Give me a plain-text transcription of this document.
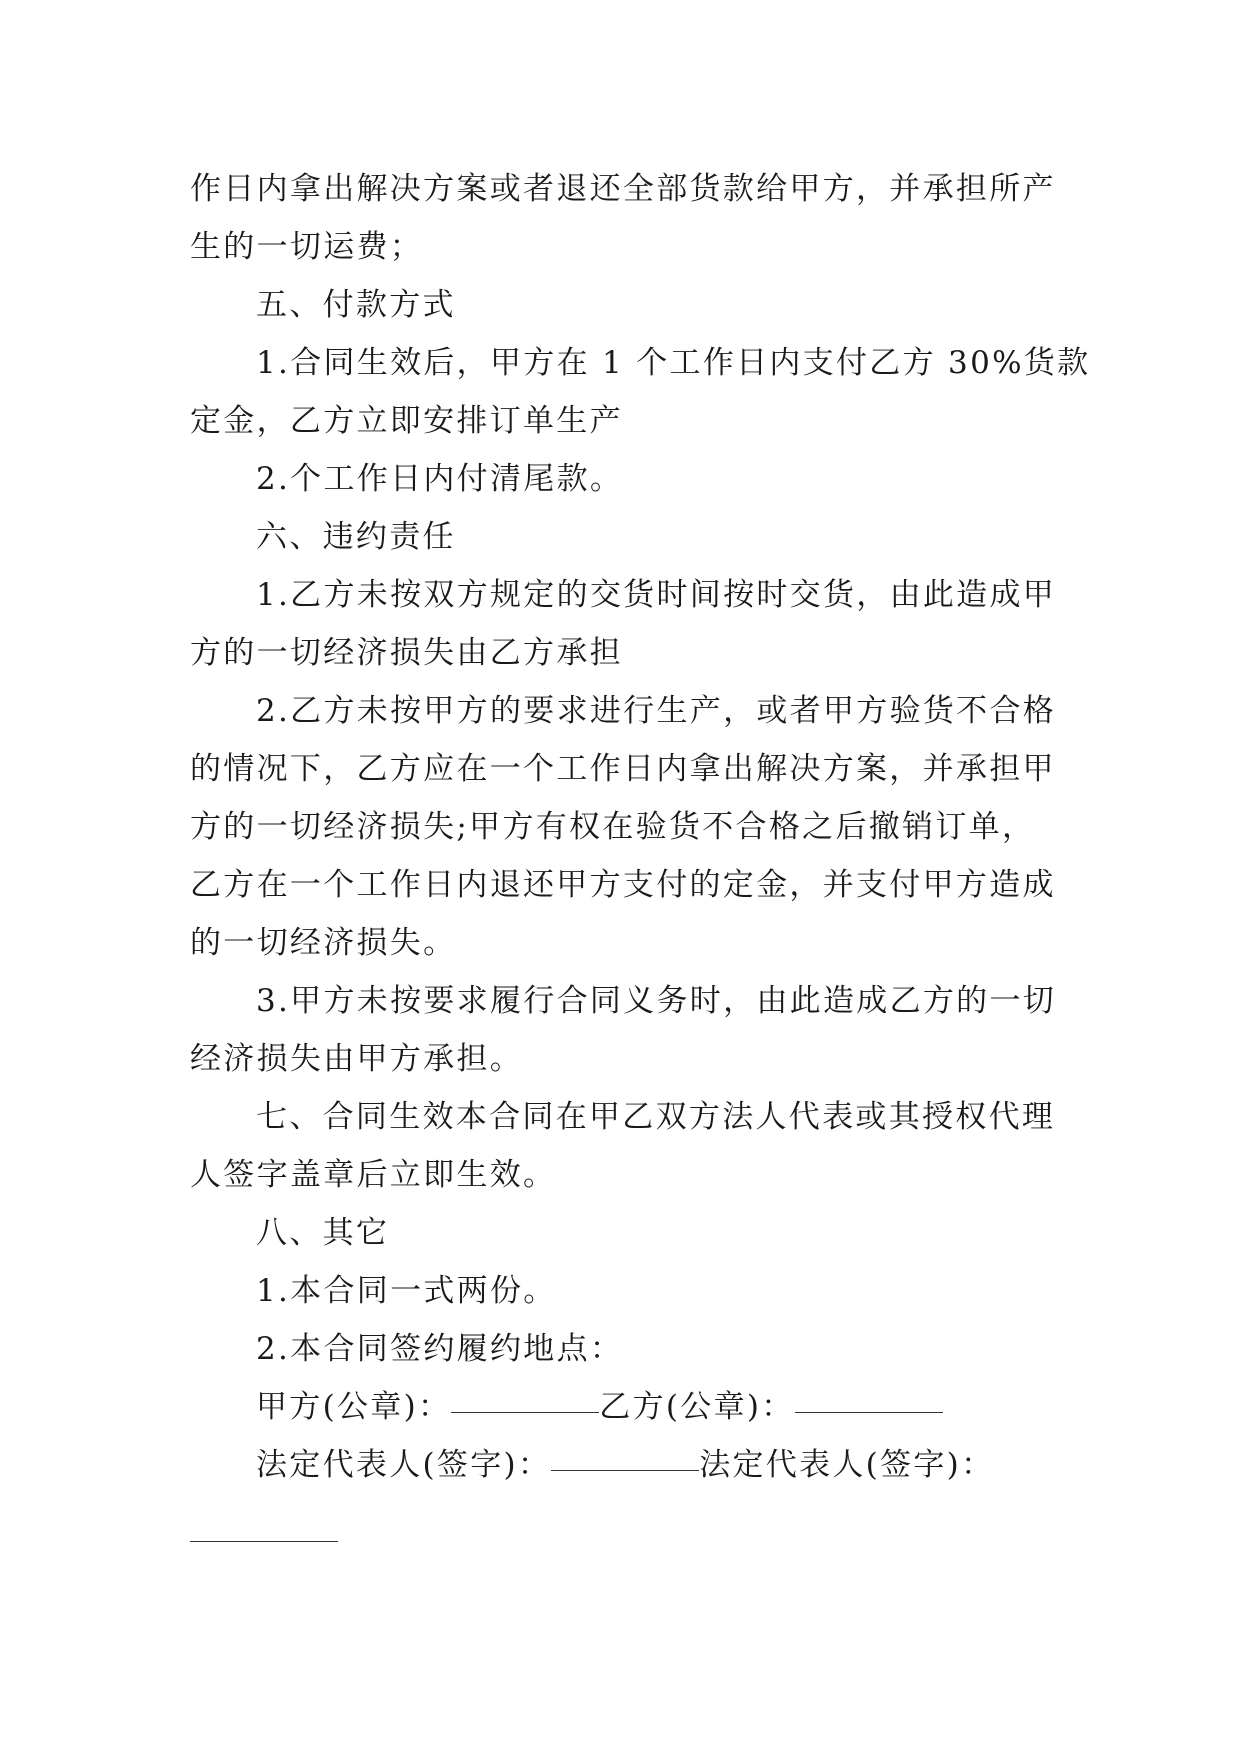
作日内拿出解决方案或者退还全部货款给甲方，并承担所产
生的一切运费；
五、付款方式
1.合同生效后，甲方在 1 个工作日内支付乙方 30%货款
定金，乙方立即安排订单生产
2.个工作日内付清尾款。
六、违约责任
1.乙方未按双方规定的交货时间按时交货，由此造成甲
方的一切经济损失由乙方承担
2.乙方未按甲方的要求进行生产，或者甲方验货不合格
的情况下，乙方应在一个工作日内拿出解决方案，并承担甲
方的一切经济损失;甲方有权在验货不合格之后撤销订单，
乙方在一个工作日内退还甲方支付的定金，并支付甲方造成
的一切经济损失。
3.甲方未按要求履行合同义务时，由此造成乙方的一切
经济损失由甲方承担。
七、合同生效本合同在甲乙双方法人代表或其授权代理
人签字盖章后立即生效。
八、其它
1.本合同一式两份。
2.本合同签约履约地点：
甲方(公章)：	乙方(公章)：
法定代表人(签字)：	法定代表人(签字)：
